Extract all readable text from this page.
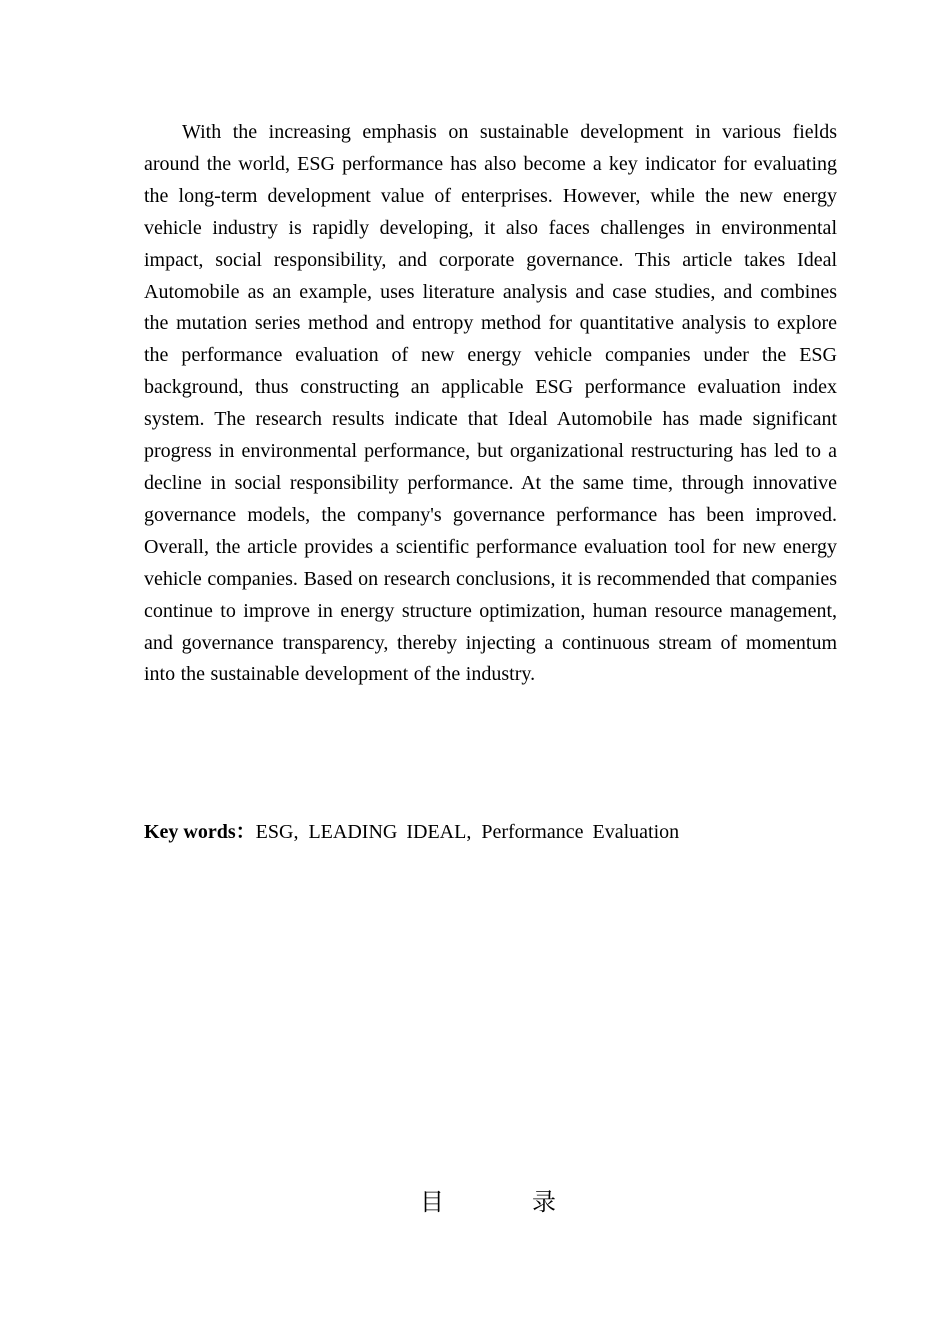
With the increasing emphasis on sustainable development in various fields around the world, ESG performance has also become a key indicator for evaluating the long-term development value of enterprises. However, while the new energy vehicle industry is rapidly developing, it also faces challenges in environmental impact, social responsibility, and corporate governance. This article takes Ideal Automobile as an example, uses literature analysis and case studies, and combines the mutation series method and entropy method for quantitative analysis to explore the performance evaluation of new energy vehicle companies under the ESG background, thus constructing an applicable ESG performance evaluation index system. The research results indicate that Ideal Automobile has made significant progress in environmental performance, but organizational restructuring has led to a decline in social responsibility performance. At the same time, through innovative governance models, the company's governance performance has been improved. Overall, the article provides a scientific performance evaluation tool for new energy vehicle companies. Based on research conclusions, it is recommended that companies continue to improve in energy structure optimization, human resource management, and governance transparency, thereby injecting a continuous stream of momentum into the sustainable development of the industry.

Key words：ESG, LEADING IDEAL, Performance Evaluation

目	录
